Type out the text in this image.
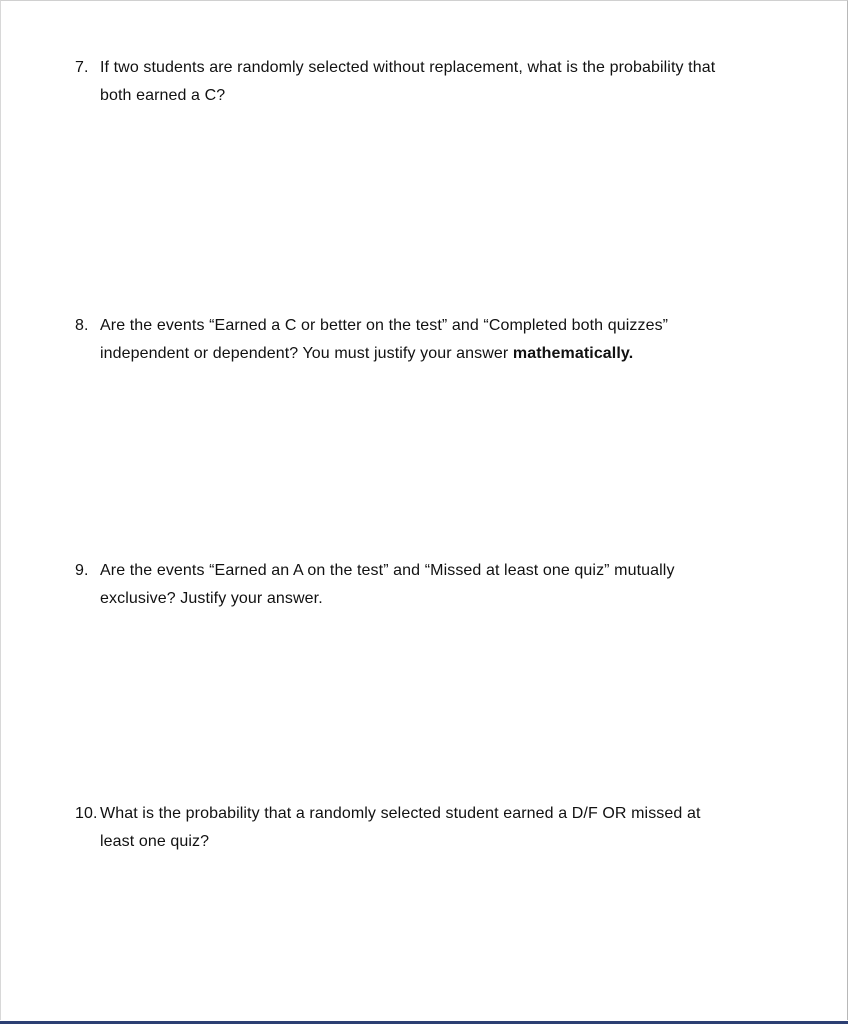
7. If two students are randomly selected without replacement, what is the probability that
both earned a C?
8. Are the events “Earned a C or better on the test” and “Completed both quizzes”
independent or dependent? You must justify your answer mathematically.
9. Are the events “Earned an A on the test” and “Missed at least one quiz” mutually
exclusive? Justify your answer.
10. What is the probability that a randomly selected student earned a D/F OR missed at
least one quiz?
